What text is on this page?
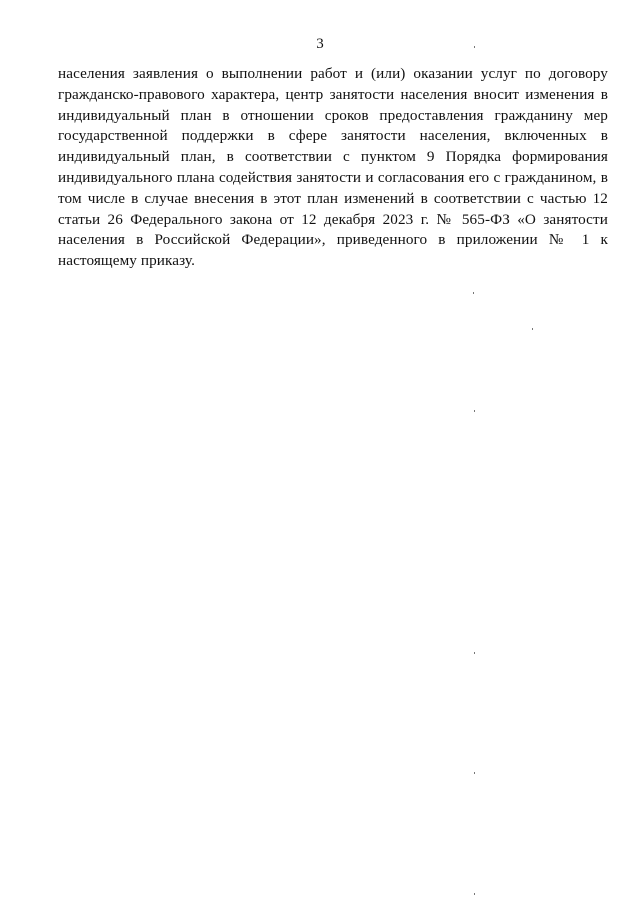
3

населения заявления о выполнении работ и (или) оказании услуг по договору гражданско-правового характера, центр занятости населения вносит изменения в индивидуальный план в отношении сроков предоставления гражданину мер государственной поддержки в сфере занятости населения, включенных в индивидуальный план, в соответствии с пунктом 9 Порядка формирования индивидуального плана содействия занятости и согласования его с гражданином, в том числе в случае внесения в этот план изменений в соответствии с частью 12 статьи 26 Федерального закона от 12 декабря 2023 г. № 565-ФЗ «О занятости населения в Российской Федерации», приведенного в приложении № 1 к настоящему приказу.
